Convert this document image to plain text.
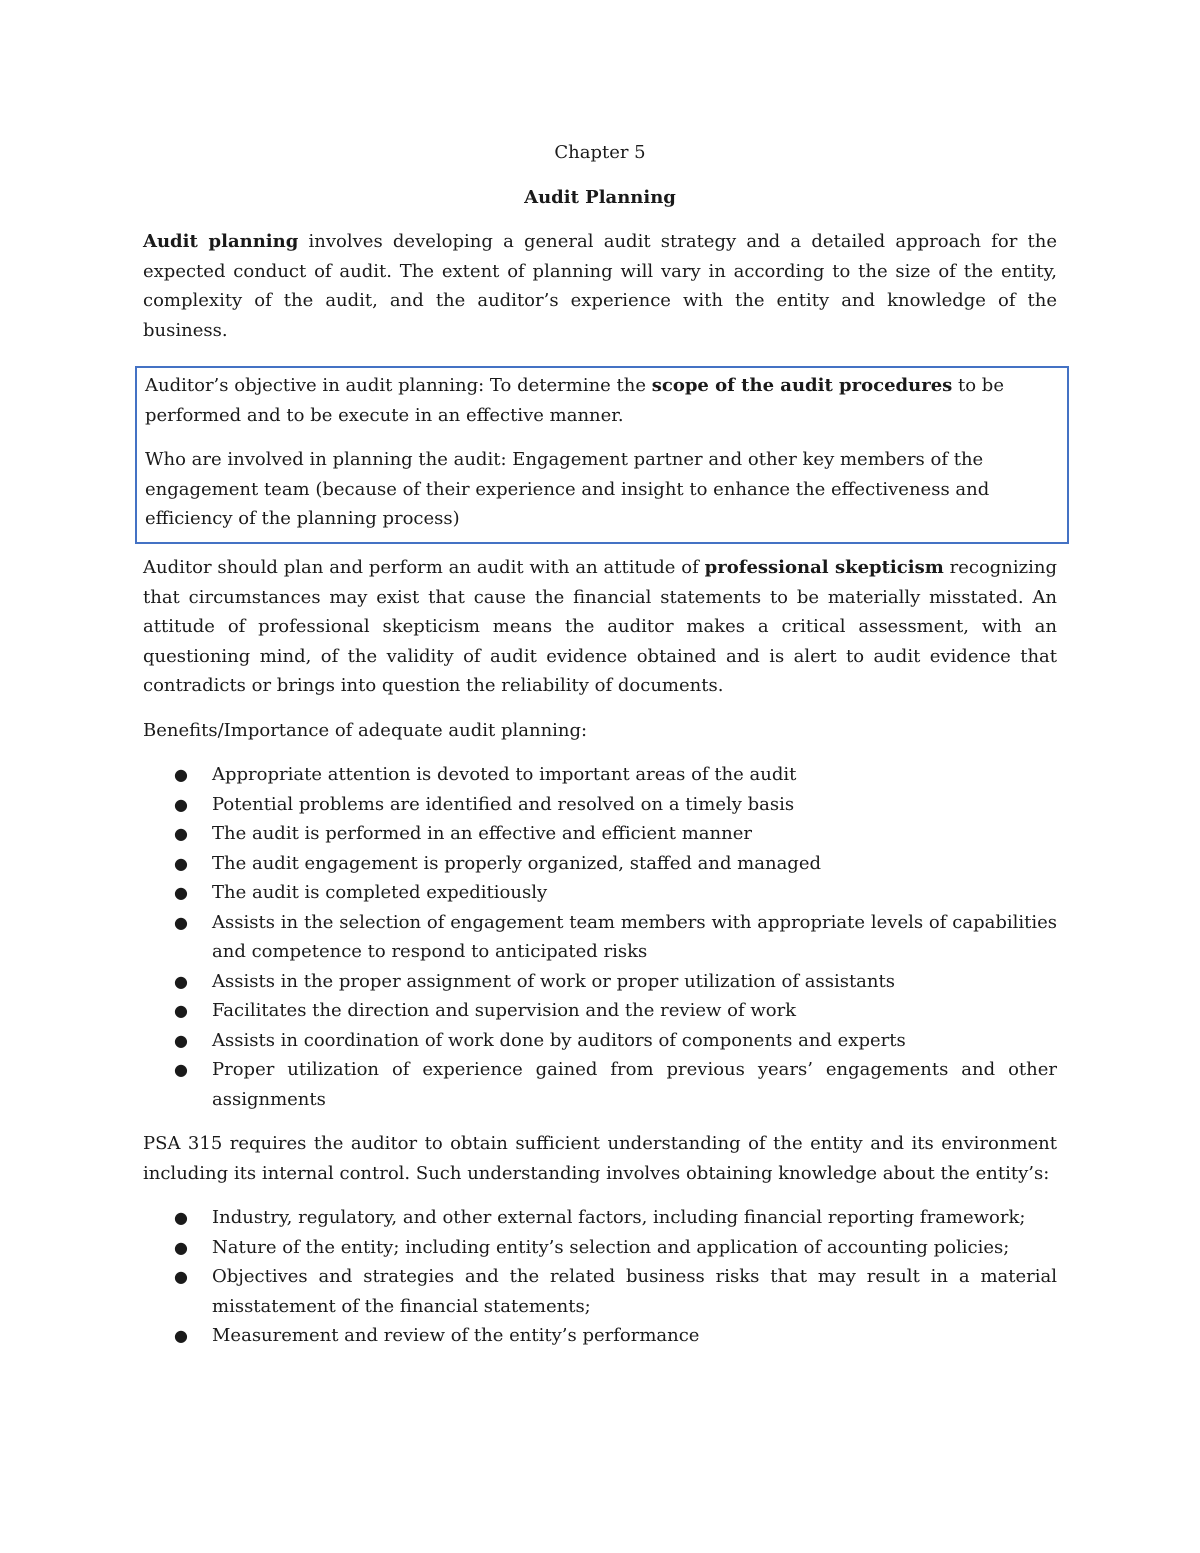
Chapter 5

Audit Planning

Audit planning involves developing a general audit strategy and a detailed approach for the expected conduct of audit. The extent of planning will vary in according to the size of the entity, complexity of the audit, and the auditor’s experience with the entity and knowledge of the business.

Auditor’s objective in audit planning: To determine the scope of the audit procedures to be performed and to be execute in an effective manner.

Who are involved in planning the audit: Engagement partner and other key members of the engagement team (because of their experience and insight to enhance the effectiveness and efficiency of the planning process)

Auditor should plan and perform an audit with an attitude of professional skepticism recognizing that circumstances may exist that cause the financial statements to be materially misstated. An attitude of professional skepticism means the auditor makes a critical assessment, with an questioning mind, of the validity of audit evidence obtained and is alert to audit evidence that contradicts or brings into question the reliability of documents.

Benefits/Importance of adequate audit planning:

● Appropriate attention is devoted to important areas of the audit
● Potential problems are identified and resolved on a timely basis
● The audit is performed in an effective and efficient manner
● The audit engagement is properly organized, staffed and managed
● The audit is completed expeditiously
● Assists in the selection of engagement team members with appropriate levels of capabilities and competence to respond to anticipated risks
● Assists in the proper assignment of work or proper utilization of assistants
● Facilitates the direction and supervision and the review of work
● Assists in coordination of work done by auditors of components and experts
● Proper utilization of experience gained from previous years’ engagements and other assignments

PSA 315 requires the auditor to obtain sufficient understanding of the entity and its environment including its internal control. Such understanding involves obtaining knowledge about the entity’s:

● Industry, regulatory, and other external factors, including financial reporting framework;
● Nature of the entity; including entity’s selection and application of accounting policies;
● Objectives and strategies and the related business risks that may result in a material misstatement of the financial statements;
● Measurement and review of the entity’s performance
